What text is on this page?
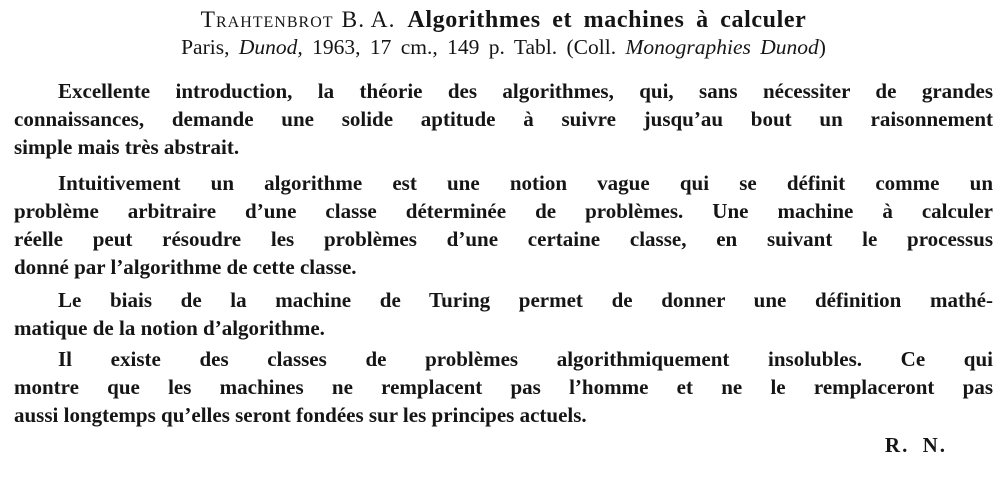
Trahtenbrot B. A. Algorithmes et machines à calculer
Paris, Dunod, 1963, 17 cm., 149 p. Tabl. (Coll. Monographies Dunod)
Excellente introduction, la théorie des algorithmes, qui, sans nécessiter de grandes
connaissances, demande une solide aptitude à suivre jusqu’au bout un raisonnement
simple mais très abstrait.
Intuitivement un algorithme est une notion vague qui se définit comme un
problème arbitraire d’une classe déterminée de problèmes. Une machine à calculer
réelle peut résoudre les problèmes d’une certaine classe, en suivant le processus
donné par l’algorithme de cette classe.
Le biais de la machine de Turing permet de donner une définition mathé-
matique de la notion d’algorithme.
Il existe des classes de problèmes algorithmiquement insolubles. Ce qui
montre que les machines ne remplacent pas l’homme et ne le remplaceront pas
aussi longtemps qu’elles seront fondées sur les principes actuels.
R. N.
